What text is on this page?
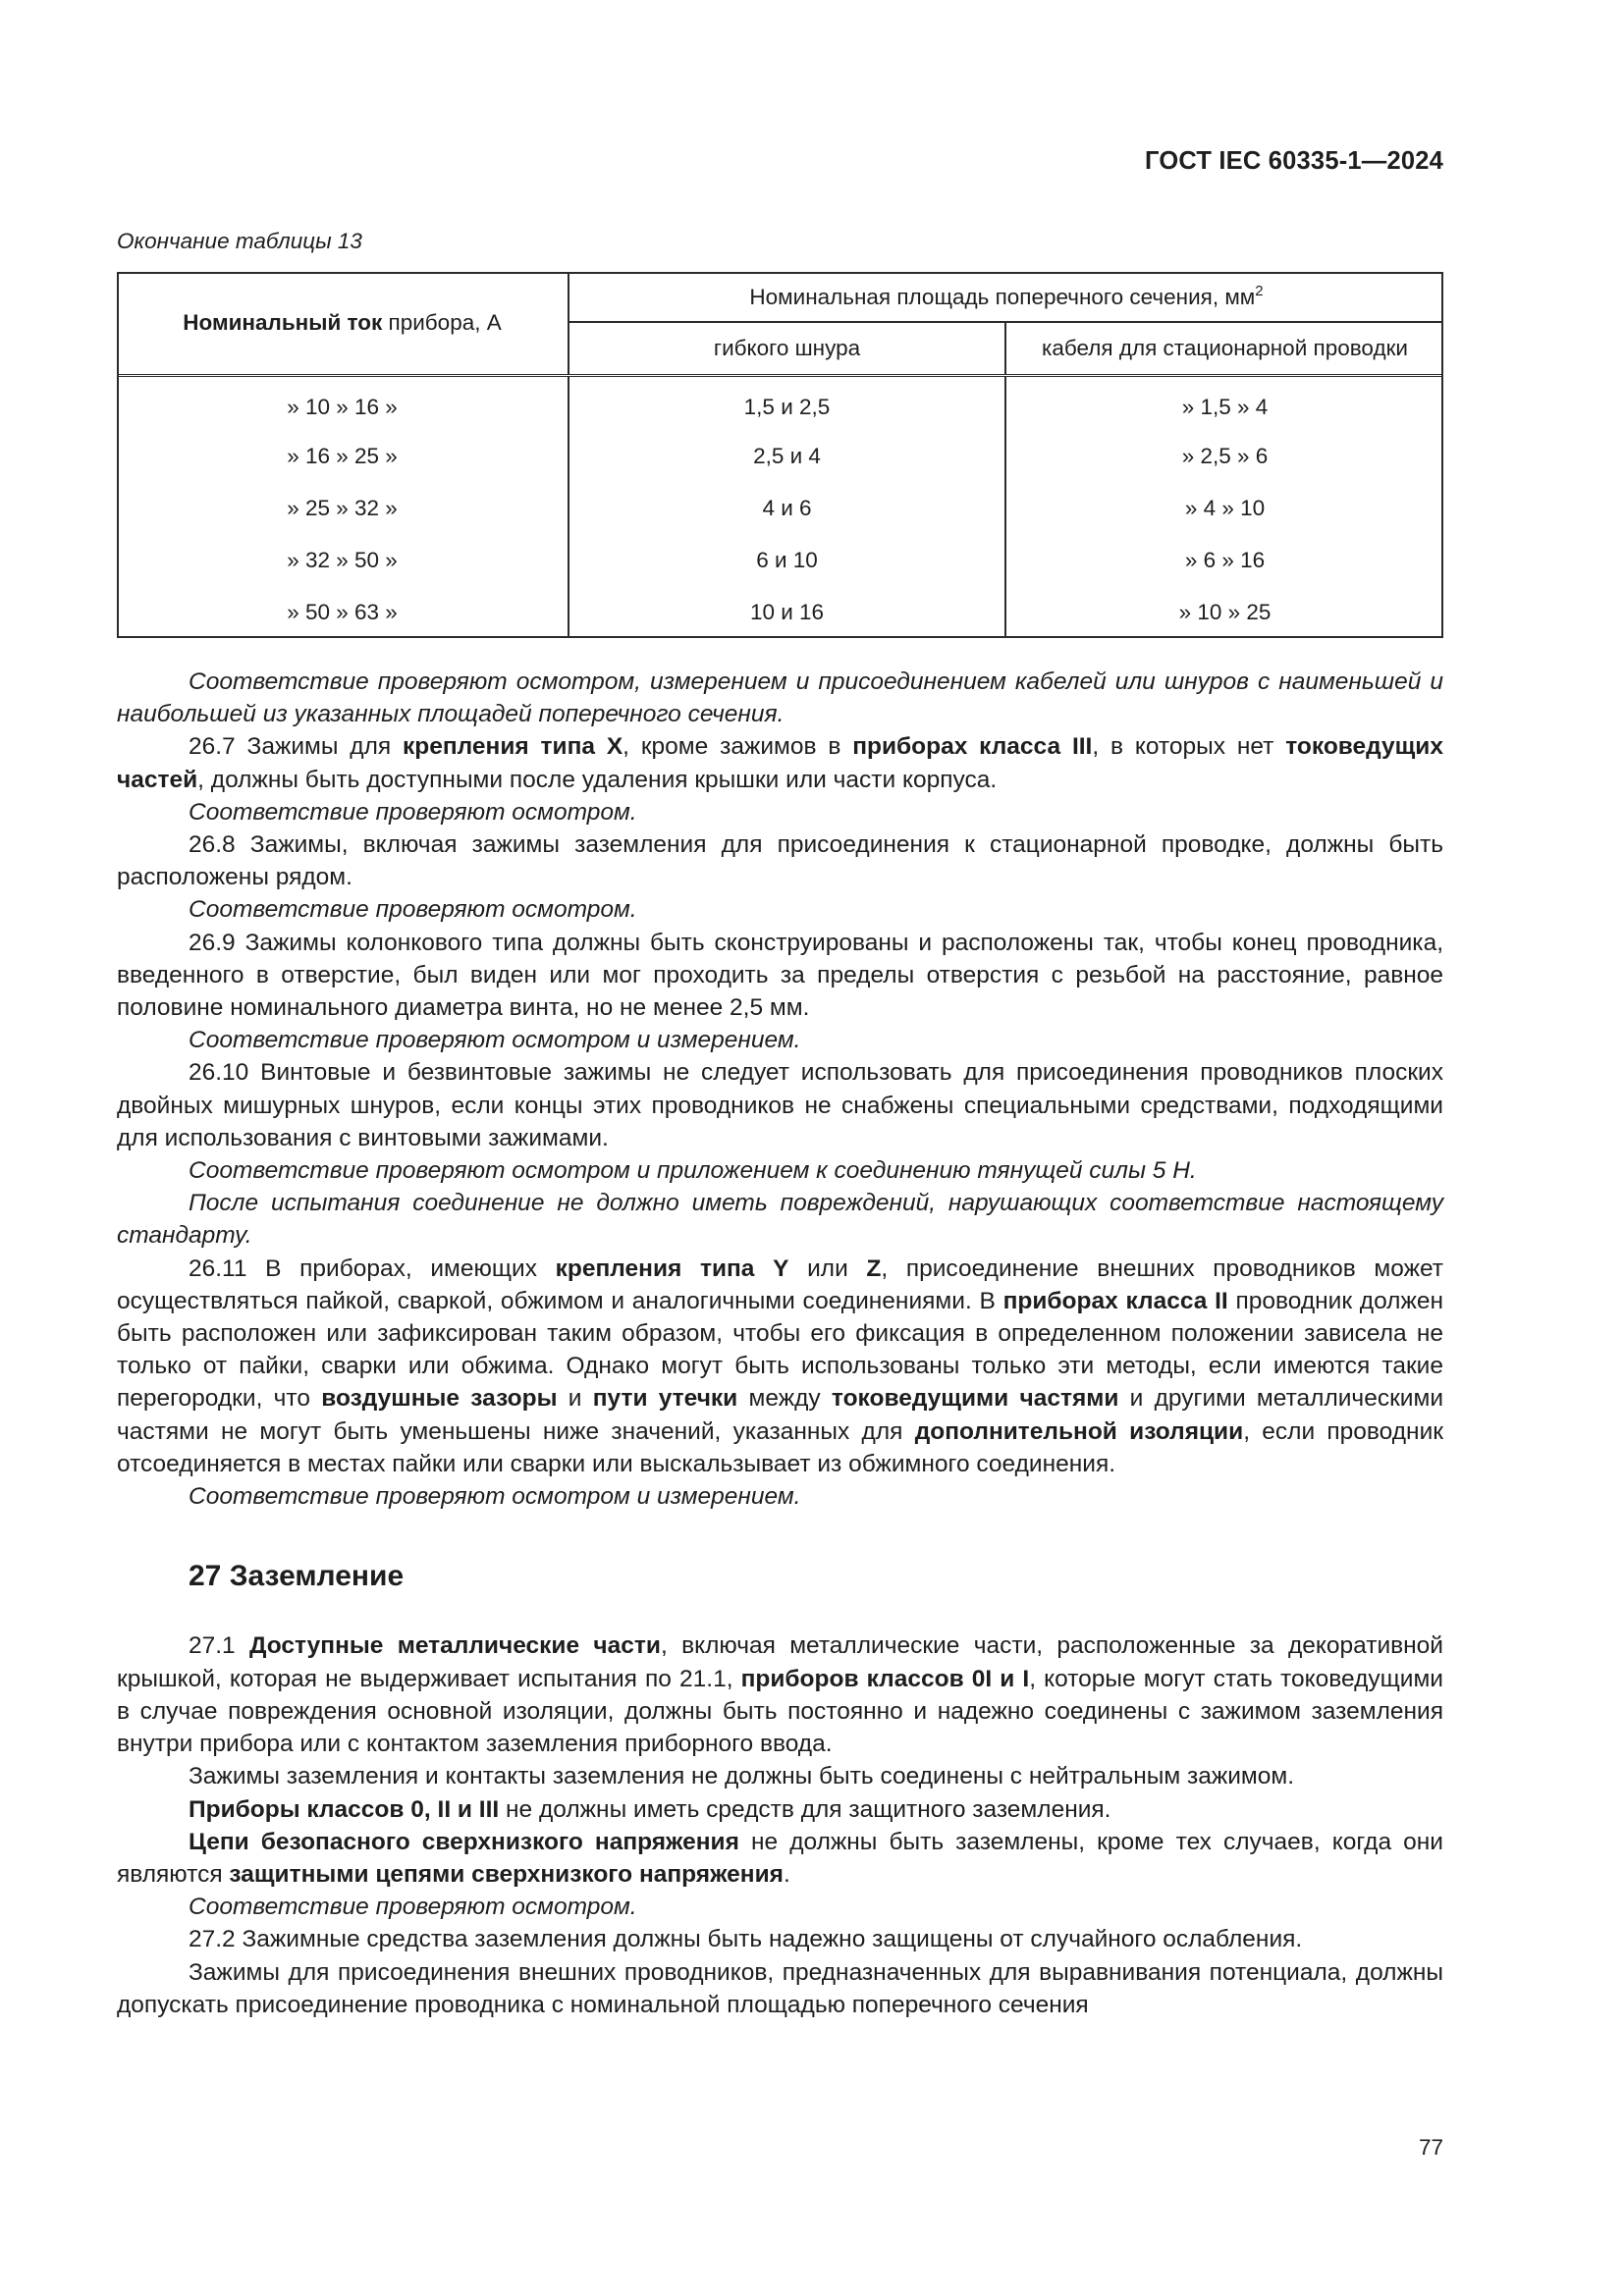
ГОСТ IEC 60335-1—2024
Окончание таблицы 13
Номинальный ток прибора, А	Номинальная площадь поперечного сечения, $мм^2$
	гибкого шнура	кабеля для стационарной проводки
» 10 » 16 »	1,5 и 2,5	» 1,5 » 4
» 16 » 25 »	2,5 и 4	» 2,5 » 6
» 25 » 32 »	4 и 6	» 4 » 10
» 32 » 50 »	6 и 10	» 6 » 16
» 50 » 63 »	10 и 16	» 10 » 25

Соответствие проверяют осмотром, измерением и присоединением кабелей или шнуров с наименьшей и наибольшей из указанных площадей поперечного сечения.

26.7 Зажимы для крепления типа X, кроме зажимов в приборах класса III, в которых нет токоведущих частей, должны быть доступными после удаления крышки или части корпуса.

Соответствие проверяют осмотром.

26.8 Зажимы, включая зажимы заземления для присоединения к стационарной проводке, должны быть расположены рядом.

Соответствие проверяют осмотром.

26.9 Зажимы колонкового типа должны быть сконструированы и расположены так, чтобы конец проводника, введенного в отверстие, был виден или мог проходить за пределы отверстия с резьбой на расстояние, равное половине номинального диаметра винта, но не менее 2,5 мм.

Соответствие проверяют осмотром и измерением.

26.10 Винтовые и безвинтовые зажимы не следует использовать для присоединения проводников плоских двойных мишурных шнуров, если концы этих проводников не снабжены специальными средствами, подходящими для использования с винтовыми зажимами.

Соответствие проверяют осмотром и приложением к соединению тянущей силы 5 Н.

После испытания соединение не должно иметь повреждений, нарушающих соответствие настоящему стандарту.

26.11 В приборах, имеющих крепления типа Y или Z, присоединение внешних проводников может осуществляться пайкой, сваркой, обжимом и аналогичными соединениями. В приборах класса II проводник должен быть расположен или зафиксирован таким образом, чтобы его фиксация в определенном положении зависела не только от пайки, сварки или обжима. Однако могут быть использованы только эти методы, если имеются такие перегородки, что воздушные зазоры и пути утечки между токоведущими частями и другими металлическими частями не могут быть уменьшены ниже значений, указанных для дополнительной изоляции, если проводник отсоединяется в местах пайки или сварки или выскальзывает из обжимного соединения.

Соответствие проверяют осмотром и измерением.

27 Заземление

27.1 Доступные металлические части, включая металлические части, расположенные за декоративной крышкой, которая не выдерживает испытания по 21.1, приборов классов 0I и I, которые могут стать токоведущими в случае повреждения основной изоляции, должны быть постоянно и надежно соединены с зажимом заземления внутри прибора или с контактом заземления приборного ввода.

Зажимы заземления и контакты заземления не должны быть соединены с нейтральным зажимом.

Приборы классов 0, II и III не должны иметь средств для защитного заземления.

Цепи безопасного сверхнизкого напряжения не должны быть заземлены, кроме тех случаев, когда они являются защитными цепями сверхнизкого напряжения.

Соответствие проверяют осмотром.

27.2 Зажимные средства заземления должны быть надежно защищены от случайного ослабления.

Зажимы для присоединения внешних проводников, предназначенных для выравнивания потенциала, должны допускать присоединение проводника с номинальной площадью поперечного сечения

77
